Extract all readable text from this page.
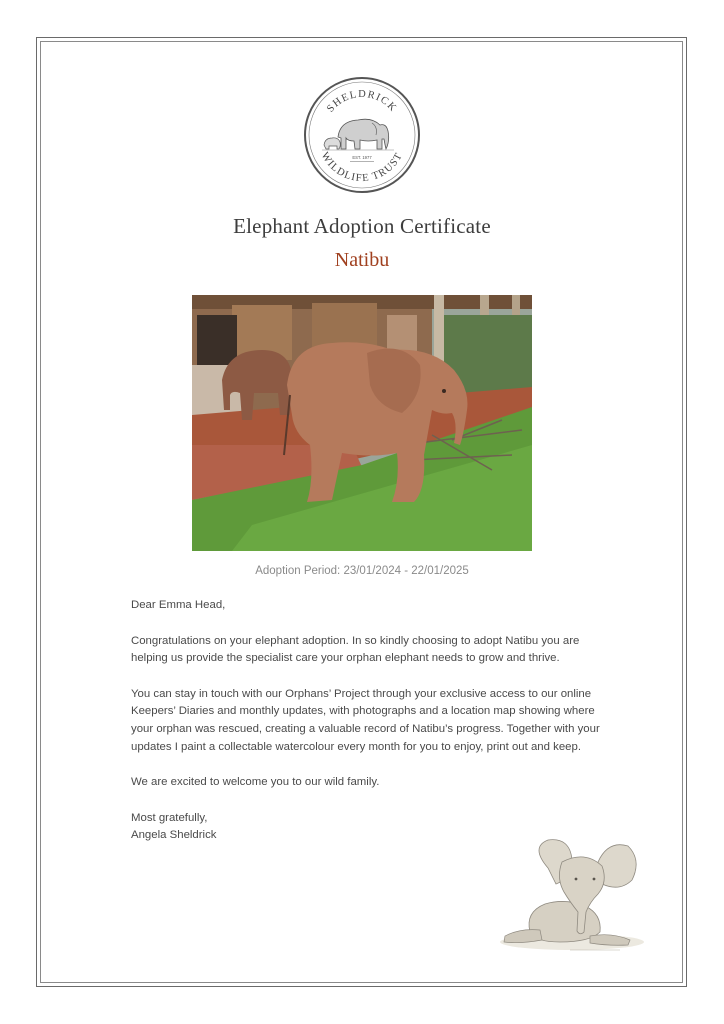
SHELDRICK
WILDLIFE TRUST
EST. 1977
Elephant Adoption Certificate
Natibu
Adoption Period: 23/01/2024 - 22/01/2025

Dear Emma Head,

Congratulations on your elephant adoption. In so kindly choosing to adopt Natibu you are helping us provide the specialist care your orphan elephant needs to grow and thrive.

You can stay in touch with our Orphans’ Project through your exclusive access to our online Keepers’ Diaries and monthly updates, with photographs and a location map showing where your orphan was rescued, creating a valuable record of Natibu’s progress. Together with your updates I paint a collectable watercolour every month for you to enjoy, print out and keep.

We are excited to welcome you to our wild family.

Most gratefully,

Angela Sheldrick
